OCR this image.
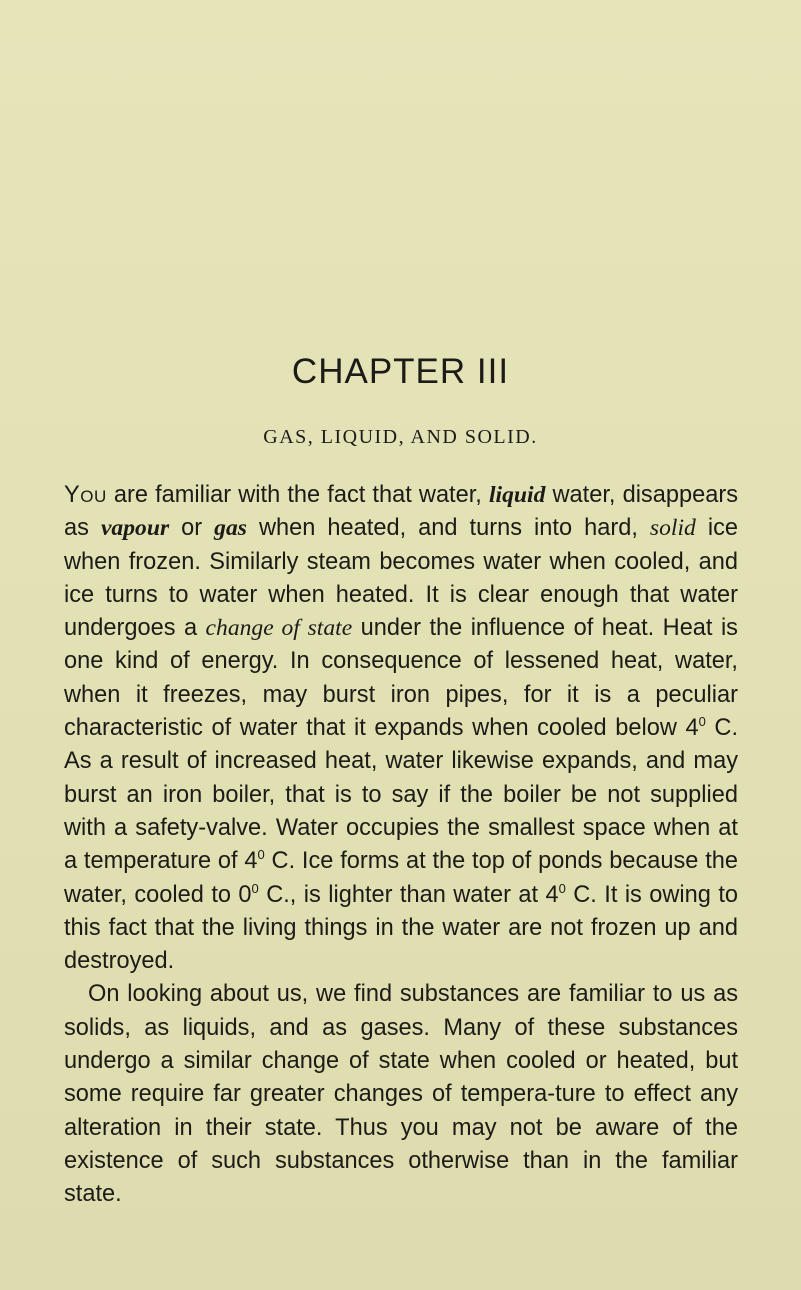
CHAPTER III
GAS, LIQUID, AND SOLID.

You are familiar with the fact that water, liquid water, disappears as vapour or gas when heated, and turns into hard, solid ice when frozen. Similarly steam becomes water when cooled, and ice turns to water when heated. It is clear enough that water undergoes a change of state under the influence of heat. Heat is one kind of energy. In consequence of lessened heat, water, when it freezes, may burst iron pipes, for it is a peculiar characteristic of water that it expands when cooled below $4^0$ C. As a result of increased heat, water likewise expands, and may burst an iron boiler, that is to say if the boiler be not supplied with a safety-valve. Water occupies the smallest space when at a temperature of $4^0$ C. Ice forms at the top of ponds because the water, cooled to $0^0$ C., is lighter than water at $4^0$ C. It is owing to this fact that the living things in the water are not frozen up and destroyed.

On looking about us, we find substances are familiar to us as solids, as liquids, and as gases. Many of these substances undergo a similar change of state when cooled or heated, but some require far greater changes of tempera-ture to effect any alteration in their state. Thus you may not be aware of the existence of such substances otherwise than in the familiar state.
